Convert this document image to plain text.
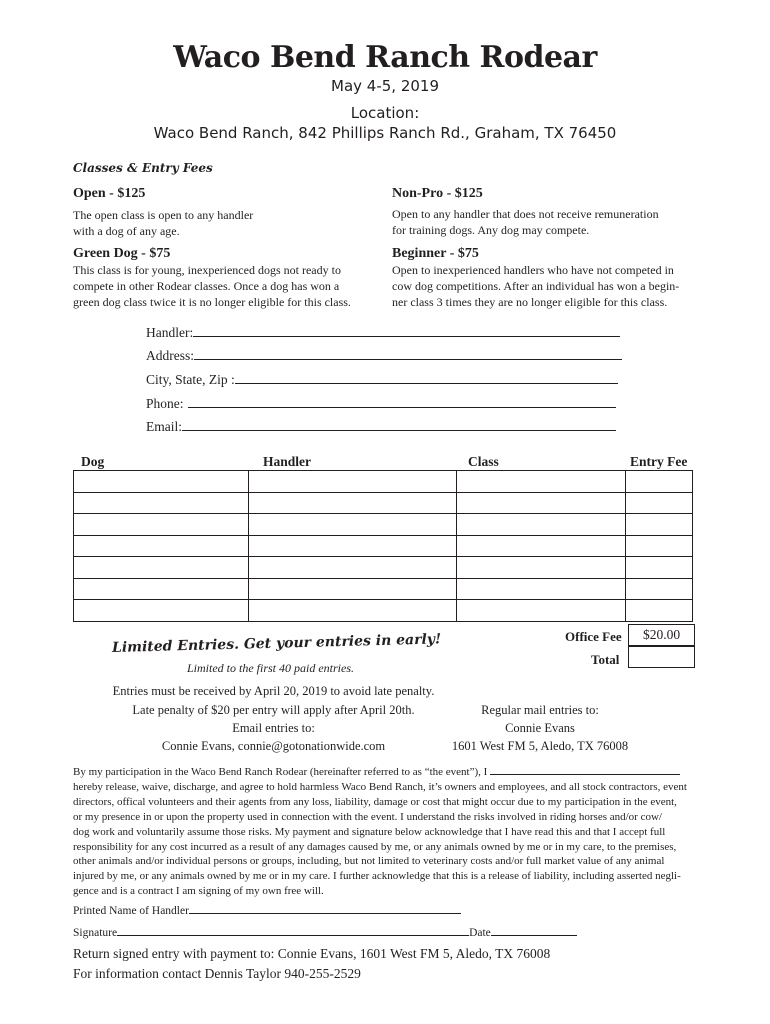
Waco Bend Ranch Rodear
May 4-5, 2019
Location:
Waco Bend Ranch, 842 Phillips Ranch Rd., Graham, TX 76450
Classes & Entry Fees
Open - $125
The open class is open to any handler
with a dog of any age.
Non-Pro - $125
Open to any handler that does not receive remuneration
for training dogs. Any dog may compete.
Green Dog - $75
This class is for young, inexperienced dogs not ready to
compete in other Rodear classes. Once a dog has won a
green dog class twice it is no longer eligible for this class.
Beginner - $75
Open to inexperienced handlers who have not competed in
cow dog competitions. After an individual has won a begin-
ner class 3 times they are no longer eligible for this class.
Handler:
Address:
City, State, Zip :
Phone:
Email:
Dog	Handler	Class	Entry Fee

Office Fee	$20.00
Total
Limited Entries. Get your entries in early!
Limited to the first 40 paid entries.
Entries must be received by April 20, 2019 to avoid late penalty.
Late penalty of $20 per entry will apply after April 20th.
Email entries to:
Connie Evans, connie@gotonationwide.com
Regular mail entries to:
Connie Evans
1601 West FM 5, Aledo, TX 76008
By my participation in the Waco Bend Ranch Rodear (hereinafter referred to as “the event”), I
hereby release, waive, discharge, and agree to hold harmless Waco Bend Ranch, it’s owners and employees, and all stock contractors, event
directors, offical volunteers and their agents from any loss, liability, damage or cost that might occur due to my participation in the event,
or my presence in or upon the property used in connection with the event. I understand the risks involved in riding horses and/or cow/
dog work and voluntarily assume those risks. My payment and signature below acknowledge that I have read this and that I accept full
responsibility for any cost incurred as a result of any damages caused by me, or any animals owned by me or in my care, to the premises,
other animals and/or individual persons or groups, including, but not limited to veterinary costs and/or full market value of any animal
injured by me, or any animals owned by me or in my care. I further acknowledge that this is a release of liability, including asserted negli-
gence and is a contract I am signing of my own free will.
Printed Name of Handler
Signature	Date
Return signed entry with payment to: Connie Evans, 1601 West FM 5, Aledo, TX 76008
For information contact Dennis Taylor 940-255-2529
